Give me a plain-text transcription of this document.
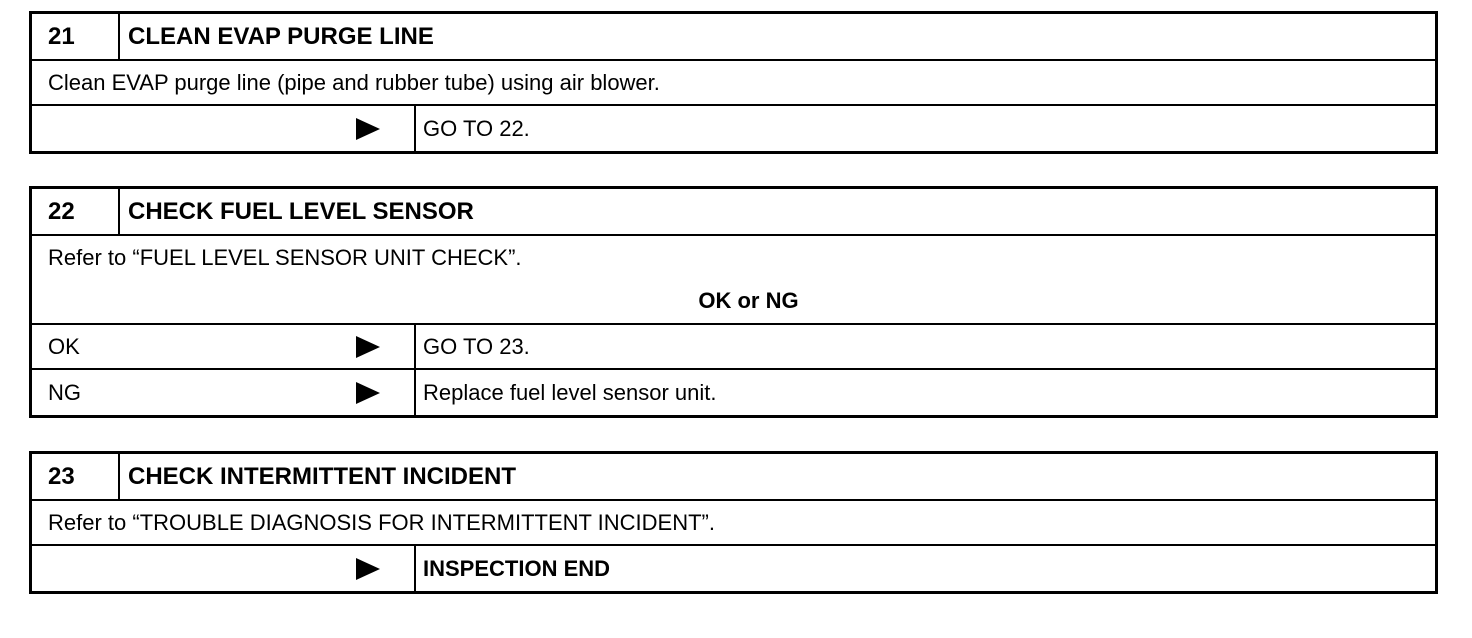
21	CLEAN EVAP PURGE LINE
Clean EVAP purge line (pipe and rubber tube) using air blower.
GO TO 22.
22	CHECK FUEL LEVEL SENSOR
Refer to “FUEL LEVEL SENSOR UNIT CHECK”.
OK or NG
OK	GO TO 23.
NG	Replace fuel level sensor unit.
23	CHECK INTERMITTENT INCIDENT
Refer to “TROUBLE DIAGNOSIS FOR INTERMITTENT INCIDENT”.
INSPECTION END
